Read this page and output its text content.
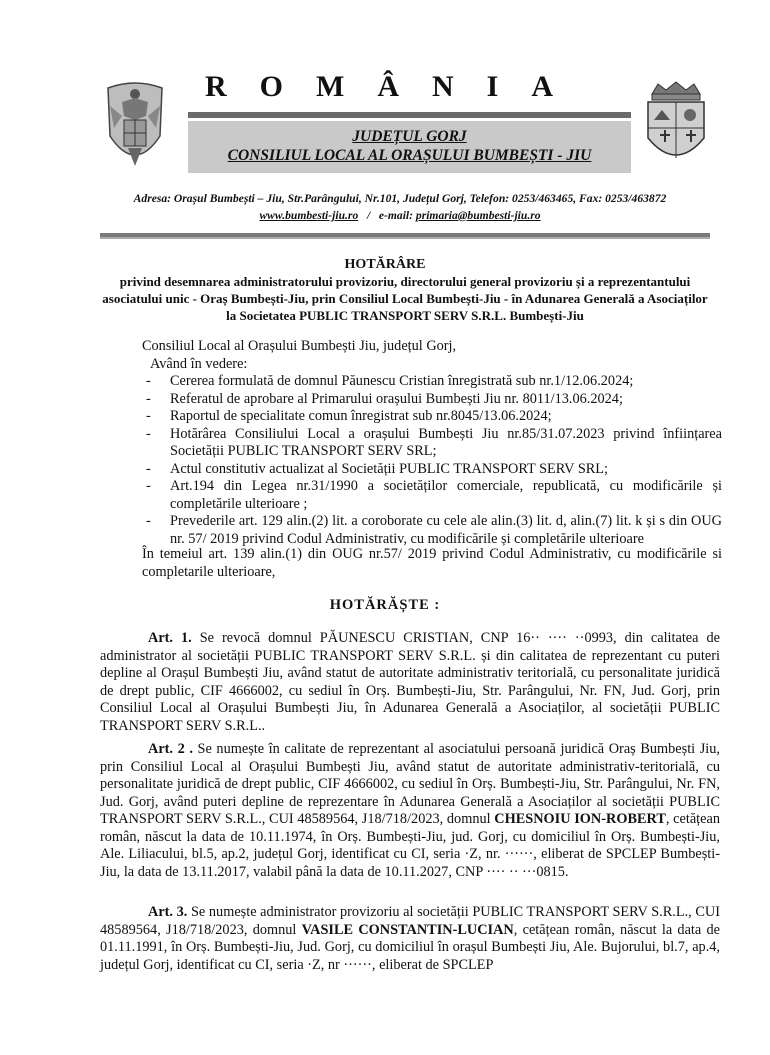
ROMÂNIA
JUDEȚUL GORJ
CONSILIUL LOCAL AL ORAȘULUI BUMBEȘTI - JIU
Adresa: Orașul Bumbești – Jiu, Str.Parângului, Nr.101, Județul Gorj, Telefon: 0253/463465, Fax: 0253/463872
www.bumbesti-jiu.ro   /   e-mail: primaria@bumbesti-jiu.ro
HOTĂRÂRE
privind desemnarea administratorului provizoriu, directorului general provizoriu și a reprezentantului asociatului unic - Oraș Bumbești-Jiu, prin Consiliul Local Bumbești-Jiu - în Adunarea Generală a Asociaților la Societatea PUBLIC TRANSPORT SERV S.R.L. Bumbești-Jiu
Consiliul Local al Orașului Bumbești Jiu, județul Gorj,
Având în vedere:
- Cererea formulată de domnul Păunescu Cristian înregistrată sub nr.1/12.06.2024;
- Referatul de aprobare al Primarului orașului Bumbești Jiu nr. 8011/13.06.2024;
- Raportul de specialitate comun înregistrat sub nr.8045/13.06.2024;
- Hotărârea Consiliului Local a orașului Bumbești Jiu nr.85/31.07.2023 privind înființarea Societății PUBLIC TRANSPORT SERV SRL;
- Actul constitutiv actualizat al Societății PUBLIC TRANSPORT SERV SRL;
- Art.194 din Legea nr.31/1990 a societăților comerciale, republicată, cu modificările și completările ulterioare ;
- Prevederile art. 129 alin.(2) lit. a coroborate cu cele ale alin.(3) lit. d, alin.(7) lit. k și s din OUG nr. 57/ 2019 privind Codul Administrativ, cu modificările și completările ulterioare
În temeiul art. 139 alin.(1) din OUG nr.57/ 2019 privind Codul Administrativ, cu modificările si completarile ulterioare,
HOTĂRĂȘTE :
Art. 1. Se revocă domnul PĂUNESCU CRISTIAN, CNP 16·· ···· ··0993, din calitatea de administrator al societății PUBLIC TRANSPORT SERV S.R.L. și din calitatea de reprezentant cu puteri depline al Orașul Bumbești Jiu, având statut de autoritate administrativ teritorială, cu personalitate juridică de drept public, CIF 4666002, cu sediul în Orș. Bumbești-Jiu, Str. Parângului, Nr. FN, Jud. Gorj, prin Consiliul Local al Orașului Bumbești Jiu, în Adunarea Generală a Asociaților, al societății PUBLIC TRANSPORT SERV S.R.L..
Art. 2 . Se numește în calitate de reprezentant al asociatului persoană juridică Oraș Bumbești Jiu, prin Consiliul Local al Orașului Bumbești Jiu, având statut de autoritate administrativ-teritorială, cu personalitate juridică de drept public, CIF 4666002, cu sediul în Orș. Bumbești-Jiu, Str. Parângului, Nr. FN, Jud. Gorj, având puteri depline de reprezentare în Adunarea Generală a Asociaților al societății PUBLIC TRANSPORT SERV S.R.L., CUI 48589564, J18/718/2023, domnul CHESNOIU ION-ROBERT, cetățean român, născut la data de 10.11.1974, în Orș. Bumbești-Jiu, jud. Gorj, cu domiciliul în Orș. Bumbești-Jiu, Ale. Liliacului, bl.5, ap.2, județul Gorj, identificat cu CI, seria ·Z, nr. ······, eliberat de SPCLEP Bumbești-Jiu, la data de 13.11.2017, valabil până la data de 10.11.2027, CNP ···· ·· ···0815.
Art. 3. Se numește administrator provizoriu al societății PUBLIC TRANSPORT SERV S.R.L., CUI 48589564, J18/718/2023, domnul VASILE CONSTANTIN-LUCIAN, cetățean român, născut la data de 01.11.1991, în Orș. Bumbești-Jiu, Jud. Gorj, cu domiciliul în orașul Bumbești Jiu, Ale. Bujorului, bl.7, ap.4, județul Gorj, identificat cu CI, seria ·Z, nr ······, eliberat de SPCLEP
